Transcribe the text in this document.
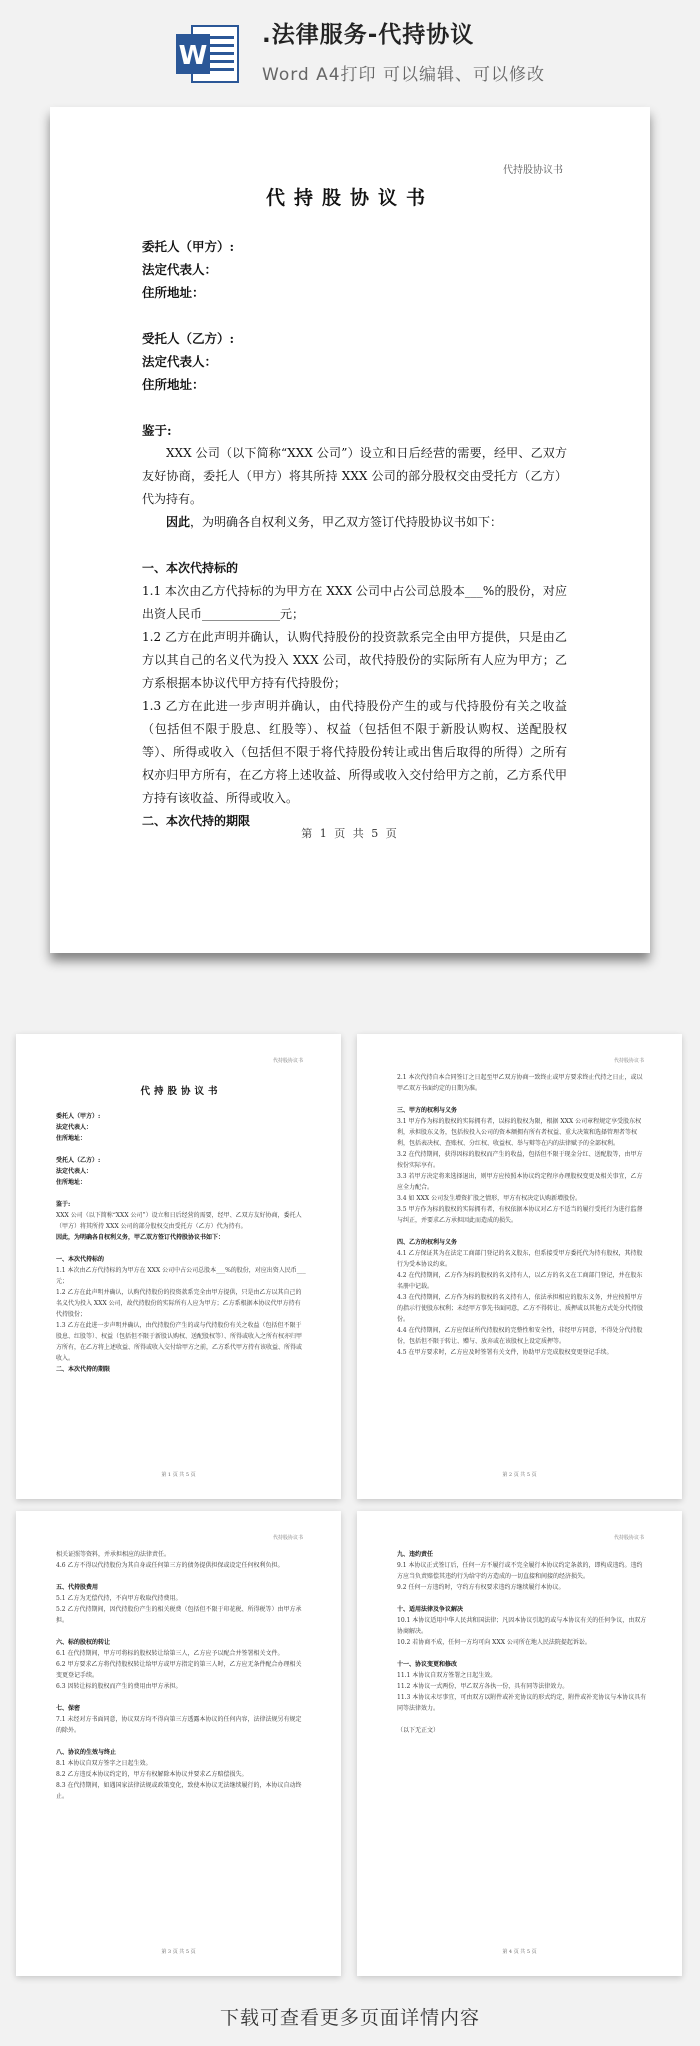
W
.法律服务-代持协议
Word A4打印 可以编辑、可以修改
代持股协议书
代持股协议书
委托人（甲方）:
法定代表人：
住所地址：
受托人（乙方）:
法定代表人：
住所地址：
鉴于:

XXX 公司（以下简称“XXX 公司”）设立和日后经营的需要，经甲、乙双方友好协商，委托人（甲方）将其所持 XXX 公司的部分股权交由受托方（乙方）代为持有。

因此，为明确各自权利义务，甲乙双方签订代持股协议书如下：

一、本次代持标的

1.1 本次由乙方代持标的为甲方在 XXX 公司中占公司总股本___%的股份，对应出资人民币_____________元；

1.2 乙方在此声明并确认，认购代持股份的投资款系完全由甲方提供，只是由乙方以其自己的名义代为投入 XXX 公司，故代持股份的实际所有人应为甲方；乙方系根据本协议代甲方持有代持股份；

1.3 乙方在此进一步声明并确认，由代持股份产生的或与代持股份有关之收益（包括但不限于股息、红股等）、权益（包括但不限于新股认购权、送配股权等）、所得或收入（包括但不限于将代持股份转让或出售后取得的所得）之所有权亦归甲方所有，在乙方将上述收益、所得或收入交付给甲方之前，乙方系代甲方持有该收益、所得或收入。

二、本次代持的期限
第 1 页 共 5 页
代持股协议书
代持股协议书
委托人（甲方）:
法定代表人：
住所地址：
受托人（乙方）:
法定代表人：
住所地址：
鉴于:
XXX 公司（以下简称“XXX 公司”）设立和日后经营的需要，经甲、乙双方友好协商，委托人（甲方）将其所持 XXX 公司的部分股权交由受托方（乙方）代为持有。
因此，为明确各自权利义务，甲乙双方签订代持股协议书如下：
一、本次代持标的
1.1 本次由乙方代持标的为甲方在 XXX 公司中占公司总股本___%的股份，对应出资人民币___元；
1.2 乙方在此声明并确认，认购代持股份的投资款系完全由甲方提供，只是由乙方以其自己的名义代为投入 XXX 公司，故代持股份的实际所有人应为甲方；乙方系根据本协议代甲方持有代持股份；
1.3 乙方在此进一步声明并确认，由代持股份产生的或与代持股份有关之收益（包括但不限于股息、红股等）、权益（包括但不限于新股认购权、送配股权等）、所得或收入之所有权亦归甲方所有，在乙方将上述收益、所得或收入交付给甲方之前，乙方系代甲方持有该收益、所得或收入。
二、本次代持的期限
第 1 页 共 5 页
代持股协议书
2.1 本次代持自本合同签订之日起至甲乙双方协商一致终止或甲方要求终止代持之日止，或以甲乙双方书面约定的日期为准。
三、甲方的权利与义务
3.1 甲方作为标的股权的实际拥有者，以标的股权为限，根据 XXX 公司章程规定享受股东权利，承担股东义务，包括按投入公司的资本额拥有所有者权益、重大决策和选择管理者等权利，包括表决权、查账权、分红权、收益权、举与辩等在内的法律赋予的全部权利。
3.2 在代持期间，获得因标的股权而产生的收益，包括但不限于现金分红、送配股等，由甲方按份实际享有。
3.3 若甲方决定将来选择退出，则甲方应按照本协议约定程序办理股权变更及相关事宜，乙方应全力配合。
3.4 如 XXX 公司发生增资扩股之情形，甲方有权决定认购新增股份。
3.5 甲方作为标的股权的实际拥有者，有权依据本协议对乙方不适当的履行受托行为进行监督与纠正，并要求乙方承担因此而造成的损失。
四、乙方的权利与义务
4.1 乙方保证其为在法定工商部门登记的名义股东，但系接受甲方委托代为持有股权，其持股行为受本协议约束。
4.2 在代持期间，乙方作为标的股权的名义持有人，以乙方的名义在工商部门登记，并在股东名册中记载。
4.3 在代持期间，乙方作为标的股权的名义持有人，依法承担相应的股东义务，并应按照甲方的指示行使股东权利；未经甲方事先书面同意，乙方不得转让、质押或以其他方式处分代持股份。
4.4 在代持期间，乙方应保证所代持股权的完整性和安全性，非经甲方同意，不得处分代持股份，包括但不限于转让、赠与、放弃或在该股权上设定质押等。
4.5 在甲方要求时，乙方应及时签署有关文件，协助甲方完成股权变更登记手续。
第 2 页 共 5 页
代持股协议书
相关证照等资料，并承担相应的法律责任。
4.6 乙方不得以代持股份为其自身或任何第三方的债务提供担保或设定任何权利负担。
五、代持股费用
5.1 乙方为无偿代持，不向甲方收取代持费用。
5.2 乙方代持期间，因代持股份产生的相关税费（包括但不限于印花税、所得税等）由甲方承担。
六、标的股权的转让
6.1 在代持期间，甲方可将标的股权转让给第三人，乙方应予以配合并签署相关文件。
6.2 甲方要求乙方将代持股权转让给甲方或甲方指定的第三人时，乙方应无条件配合办理相关变更登记手续。
6.3 因转让标的股权而产生的费用由甲方承担。
七、保密
7.1 未经对方书面同意，协议双方均不得向第三方透露本协议的任何内容，法律法规另有规定的除外。
八、协议的生效与终止
8.1 本协议自双方签字之日起生效。
8.2 乙方违反本协议约定的，甲方有权解除本协议并要求乙方赔偿损失。
8.3 在代持期间，如遇国家法律法规或政策变化，致使本协议无法继续履行的，本协议自动终止。
第 3 页 共 5 页
代持股协议书
九、违约责任
9.1 本协议正式签订后，任何一方不履行或不完全履行本协议约定条款的，即构成违约。违约方应当负责赔偿其违约行为给守约方造成的一切直接和间接的经济损失。
9.2 任何一方违约时，守约方有权要求违约方继续履行本协议。
十、适用法律及争议解决
10.1 本协议适用中华人民共和国法律；凡因本协议引起的或与本协议有关的任何争议，由双方协商解决。
10.2 若协商不成，任何一方均可向 XXX 公司所在地人民法院提起诉讼。
十一、协议变更和修改
11.1 本协议自双方签署之日起生效。
11.2 本协议一式两份，甲乙双方各执一份，具有同等法律效力。
11.3 本协议未尽事宜，可由双方以附件或补充协议的形式约定，附件或补充协议与本协议具有同等法律效力。
（以下无正文）
第 4 页 共 5 页
下载可查看更多页面详情内容
